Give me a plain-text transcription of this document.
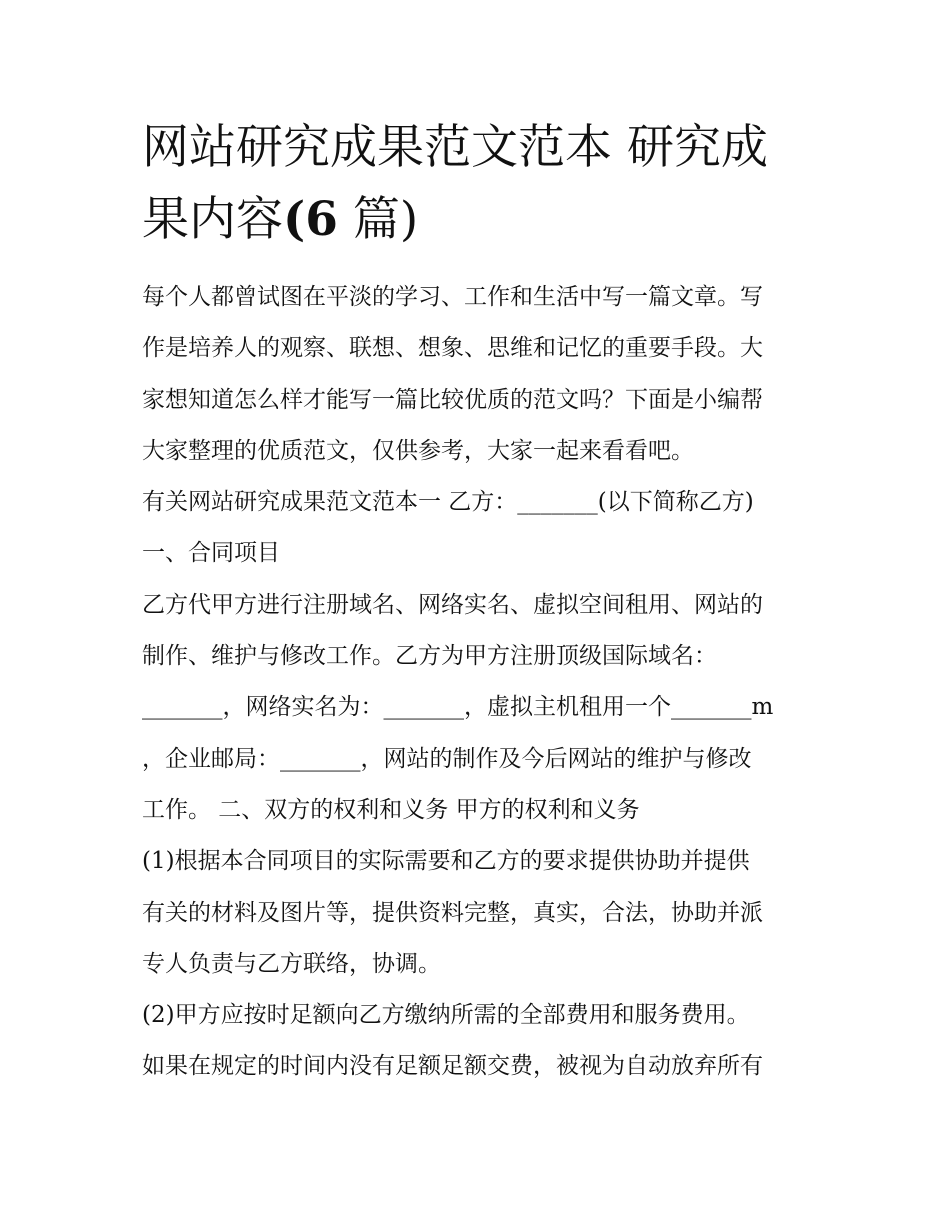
网站研究成果范文范本 研究成
果内容(6 篇)
每个人都曾试图在平淡的学习、工作和生活中写一篇文章。写
作是培养人的观察、联想、想象、思维和记忆的重要手段。大
家想知道怎么样才能写一篇比较优质的范文吗？下面是小编帮
大家整理的优质范文，仅供参考，大家一起来看看吧。
有关网站研究成果范文范本一 乙方：_______(以下简称乙方)
一、合同项目
乙方代甲方进行注册域名、网络实名、虚拟空间租用、网站的
制作、维护与修改工作。乙方为甲方注册顶级国际域名：
_______，网络实名为：_______，虚拟主机租用一个_______m
，企业邮局：_______，网站的制作及今后网站的维护与修改
工作。 二、双方的权利和义务 甲方的权利和义务
(1)根据本合同项目的实际需要和乙方的要求提供协助并提供
有关的材料及图片等，提供资料完整，真实，合法，协助并派
专人负责与乙方联络，协调。
(2)甲方应按时足额向乙方缴纳所需的全部费用和服务费用。
如果在规定的时间内没有足额足额交费，被视为自动放弃所有
